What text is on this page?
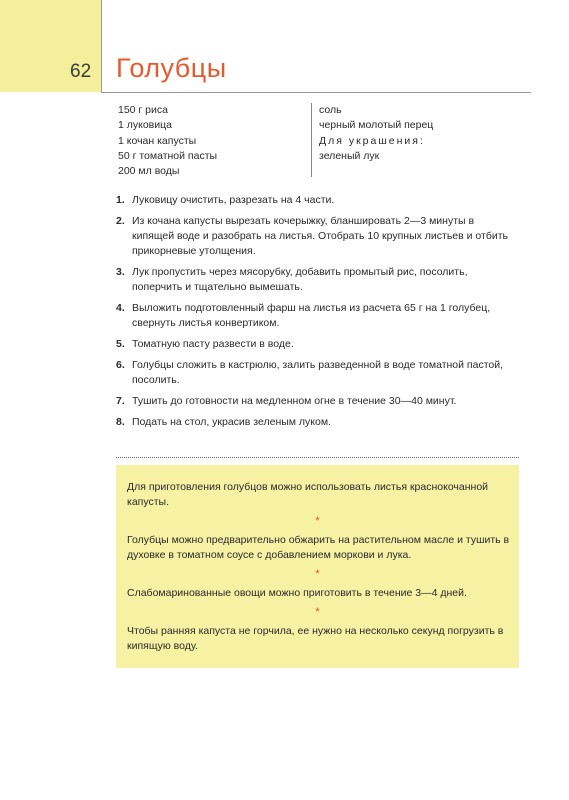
62 Голубцы
150 г риса
1 луковица
1 кочан капусты
50 г томатной пасты
200 мл воды
соль
черный молотый перец
Для украшения:
зеленый лук
1. Луковицу очистить, разрезать на 4 части.
2. Из кочана капусты вырезать кочерыжку, бланшировать 2—3 минуты в кипящей воде и разобрать на листья. Отобрать 10 крупных листьев и отбить прикорневые утолщения.
3. Лук пропустить через мясорубку, добавить промытый рис, посолить, поперчить и тщательно вымешать.
4. Выложить подготовленный фарш на листья из расчета 65 г на 1 голубец, свернуть листья конвертиком.
5. Томатную пасту развести в воде.
6. Голубцы сложить в кастрюлю, залить разведенной в воде томатной пастой, посолить.
7. Тушить до готовности на медленном огне в течение 30—40 минут.
8. Подать на стол, украсив зеленым луком.

Для приготовления голубцов можно использовать листья краснокочанной капусты.

*

Голубцы можно предварительно обжарить на растительном масле и тушить в духовке в томатном соусе с добавлением моркови и лука.

*

Слабомаринованные овощи можно приготовить в течение 3—4 дней.

*

Чтобы ранняя капуста не горчила, ее нужно на несколько секунд погрузить в кипящую воду.
